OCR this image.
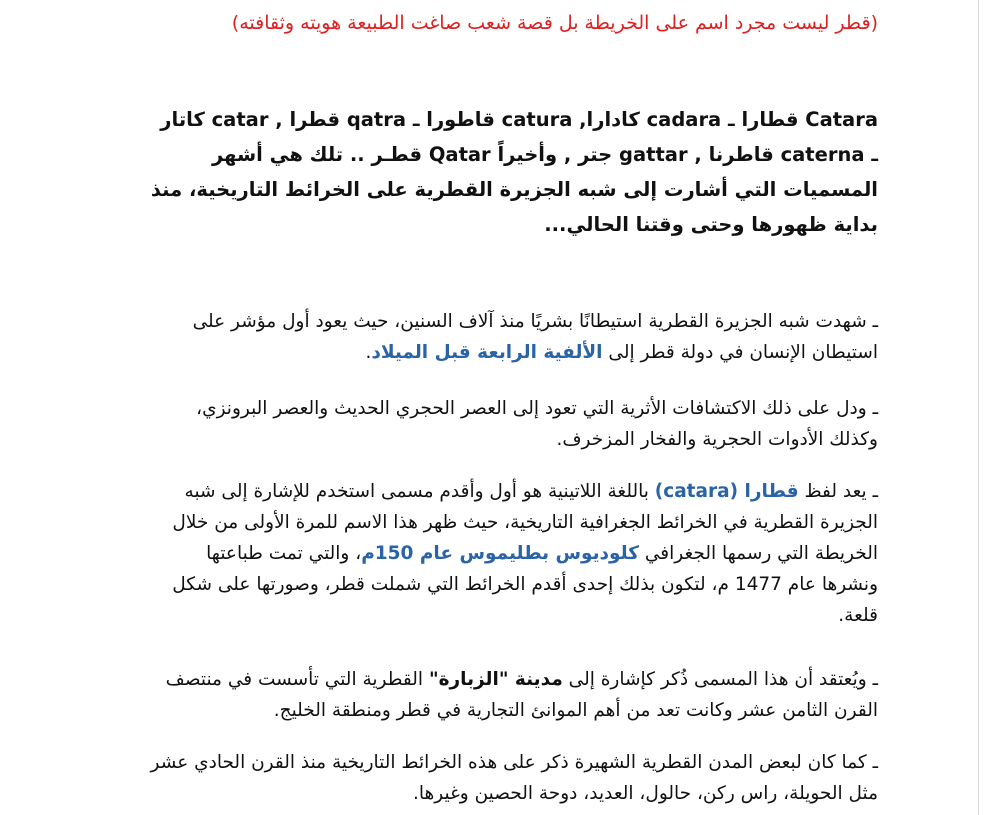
(قطر ليست مجرد اسم على الخريطة بل قصة شعب صاغت الطبيعة هويته وثقافته)
Catara قطارا ـ cadara كادارا, catura قاطورا ـ qatra قطرا , catar كاتار ـ caterna قاطرنا , gattar جتر , وأخيراً Qatar قطـر .. تلك هي أشهر المسميات التي أشارت إلى شبه الجزيرة القطرية على الخرائط التاريخية، منذ بداية ظهورها وحتى وقتنا الحالي...
ـ شهدت شبه الجزيرة القطرية استيطانًا بشريًا منذ آلاف السنين، حيث يعود أول مؤشر على استيطان الإنسان في دولة قطر إلى الألفية الرابعة قبل الميلاد.
ـ ودل على ذلك الاكتشافات الأثرية التي تعود إلى العصر الحجري الحديث والعصر البرونزي، وكذلك الأدوات الحجرية والفخار المزخرف.
ـ يعد لفظ قطارا (catara) باللغة اللاتينية هو أول وأقدم مسمى استخدم للإشارة إلى شبه الجزيرة القطرية في الخرائط الجغرافية التاريخية، حيث ظهر هذا الاسم للمرة الأولى من خلال الخريطة التي رسمها الجغرافي كلوديوس بطليموس عام 150م، والتي تمت طباعتها ونشرها عام 1477 م، لتكون بذلك إحدى أقدم الخرائط التي شملت قطر، وصورتها على شكل قلعة.
ـ ويُعتقد أن هذا المسمى ذُكر كإشارة إلى مدينة "الزبارة" القطرية التي تأسست في منتصف القرن الثامن عشر وكانت تعد من أهم الموانئ التجارية في قطر ومنطقة الخليج.
ـ كما كان لبعض المدن القطرية الشهيرة ذكر على هذه الخرائط التاريخية منذ القرن الحادي عشر مثل الحويلة، راس ركن، حالول، العديد، دوحة الحصين وغيرها.
